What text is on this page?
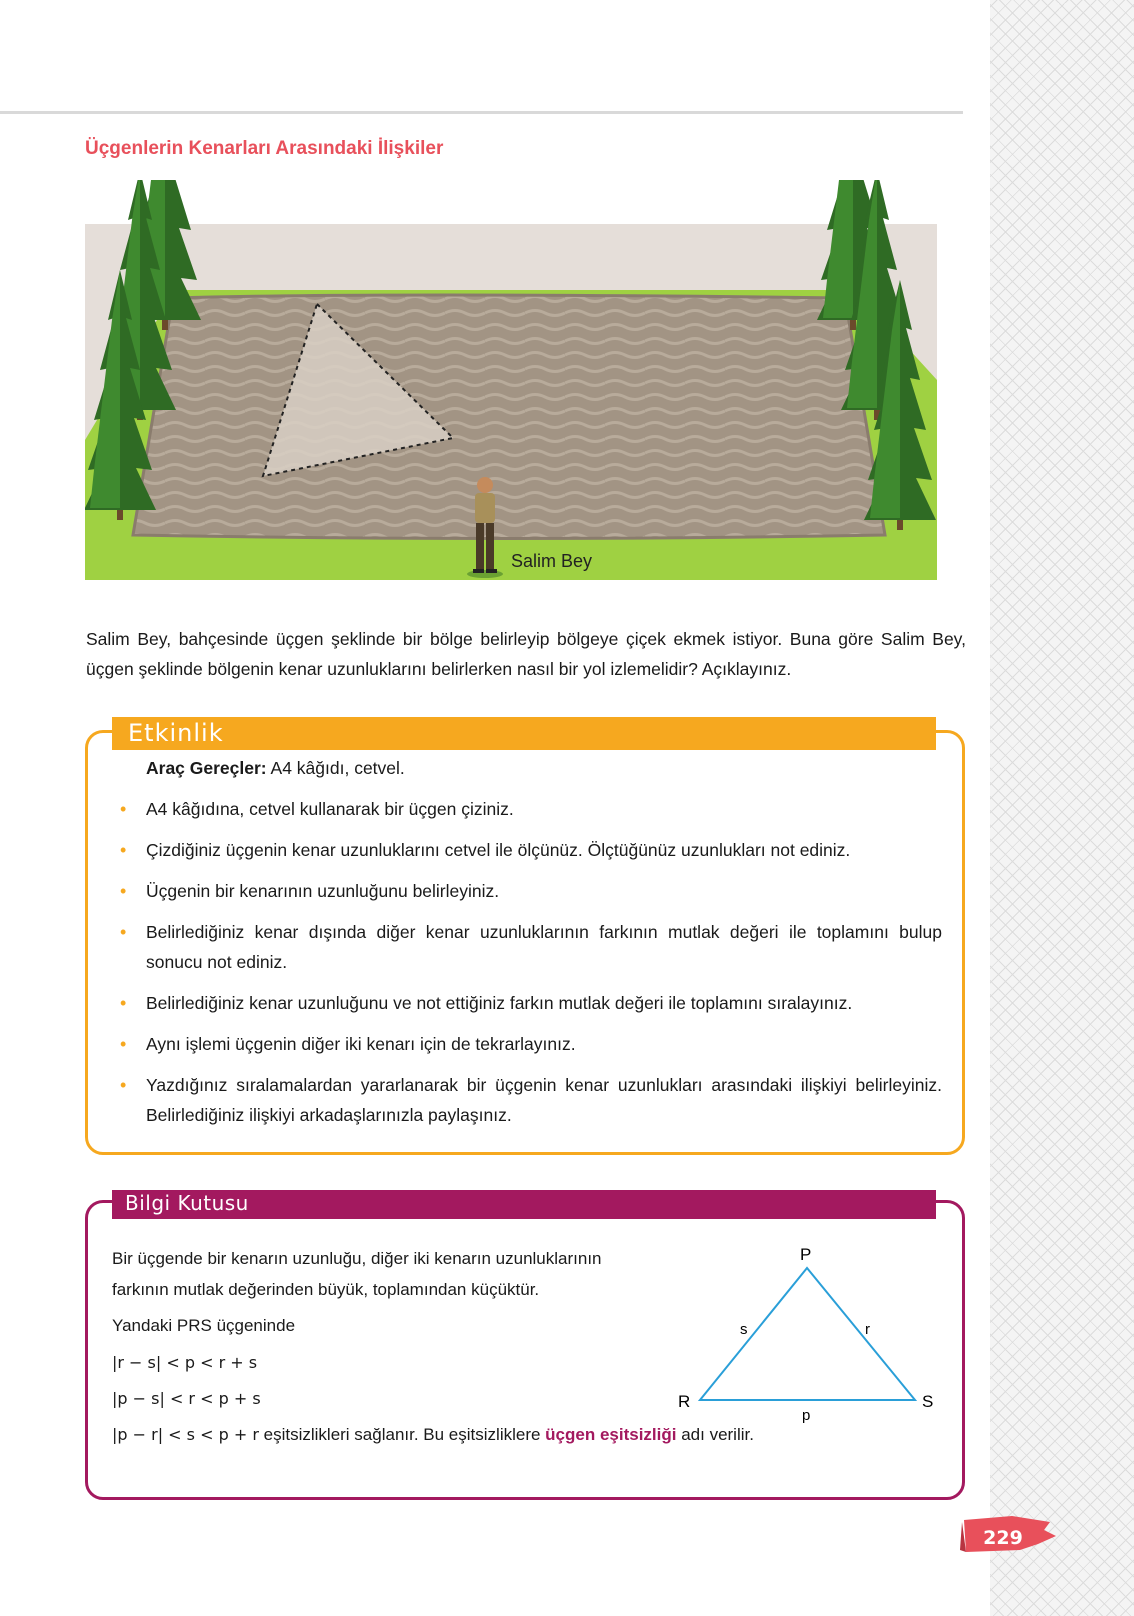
Üçgenlerin Kenarları Arasındaki İlişkiler
Salim Bey
Salim Bey, bahçesinde üçgen şeklinde bir bölge belirleyip bölgeye çiçek ekmek istiyor. Buna göre Salim Bey, üçgen şeklinde bölgenin kenar uzunluklarını belirlerken nasıl bir yol izlemelidir? Açıklayınız.
Etkinlik
Araç Gereçler: A4 kâğıdı, cetvel.
• A4 kâğıdına, cetvel kullanarak bir üçgen çiziniz.
• Çizdiğiniz üçgenin kenar uzunluklarını cetvel ile ölçünüz. Ölçtüğünüz uzunlukları not ediniz.
• Üçgenin bir kenarının uzunluğunu belirleyiniz.
• Belirlediğiniz kenar dışında diğer kenar uzunluklarının farkının mutlak değeri ile toplamını bulup sonucu not ediniz.
• Belirlediğiniz kenar uzunluğunu ve not ettiğiniz farkın mutlak değeri ile toplamını sıralayınız.
• Aynı işlemi üçgenin diğer iki kenarı için de tekrarlayınız.
• Yazdığınız sıralamalardan yararlanarak bir üçgenin kenar uzunlukları arasındaki ilişkiyi belirleyiniz. Belirlediğiniz ilişkiyi arkadaşlarınızla paylaşınız.
Bilgi Kutusu
Bir üçgende bir kenarın uzunluğu, diğer iki kenarın uzunluklarının farkının mutlak değerinden büyük, toplamından küçüktür.
Yandaki PRS üçgeninde
|r − s| < p < r + s
|p − s| < r < p + s
|p − r| < s < p + r eşitsizlikleri sağlanır. Bu eşitsizliklere üçgen eşitsizliği adı verilir.
P
R	S
s	r
p
229
